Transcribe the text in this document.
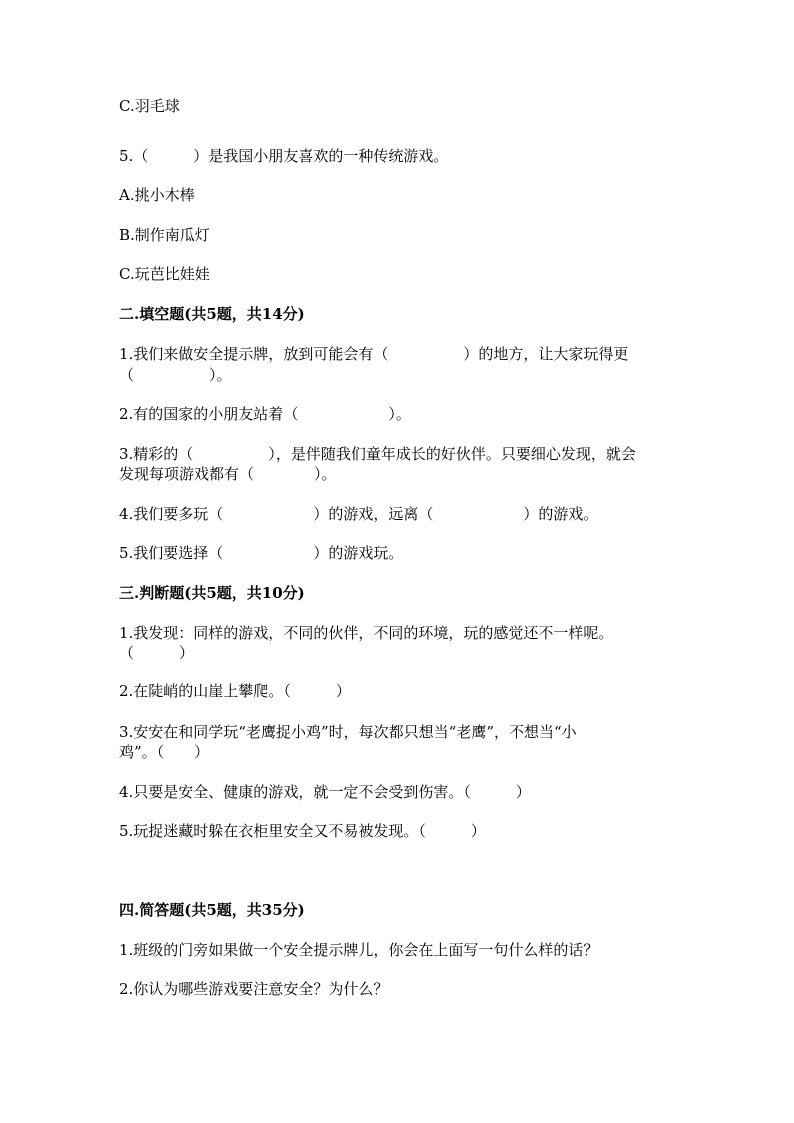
C.羽毛球
5.（　　　）是我国小朋友喜欢的一种传统游戏。
A.挑小木棒
B.制作南瓜灯
C.玩芭比娃娃
二.填空题(共5题，共14分)
1.我们来做安全提示牌，放到可能会有（　　　　　）的地方，让大家玩得更
（　　　　　）。
2.有的国家的小朋友站着（　　　　　　）。
3.精彩的（　　　　　），是伴随我们童年成长的好伙伴。只要细心发现，就会
发现每项游戏都有（　　　　）。
4.我们要多玩（　　　　　　）的游戏，远离（　　　　　　）的游戏。
5.我们要选择（　　　　　　）的游戏玩。
三.判断题(共5题，共10分)
1.我发现：同样的游戏，不同的伙伴，不同的环境，玩的感觉还不一样呢。
（　　　）
2.在陡峭的山崖上攀爬。（　　　）
3.安安在和同学玩“老鹰捉小鸡”时，每次都只想当“老鹰”，不想当“小
鸡”。（　　）
4.只要是安全、健康的游戏，就一定不会受到伤害。（　　　）
5.玩捉迷藏时躲在衣柜里安全又不易被发现。（　　　）
四.简答题(共5题，共35分)
1.班级的门旁如果做一个安全提示牌儿，你会在上面写一句什么样的话？
2.你认为哪些游戏要注意安全？为什么？
